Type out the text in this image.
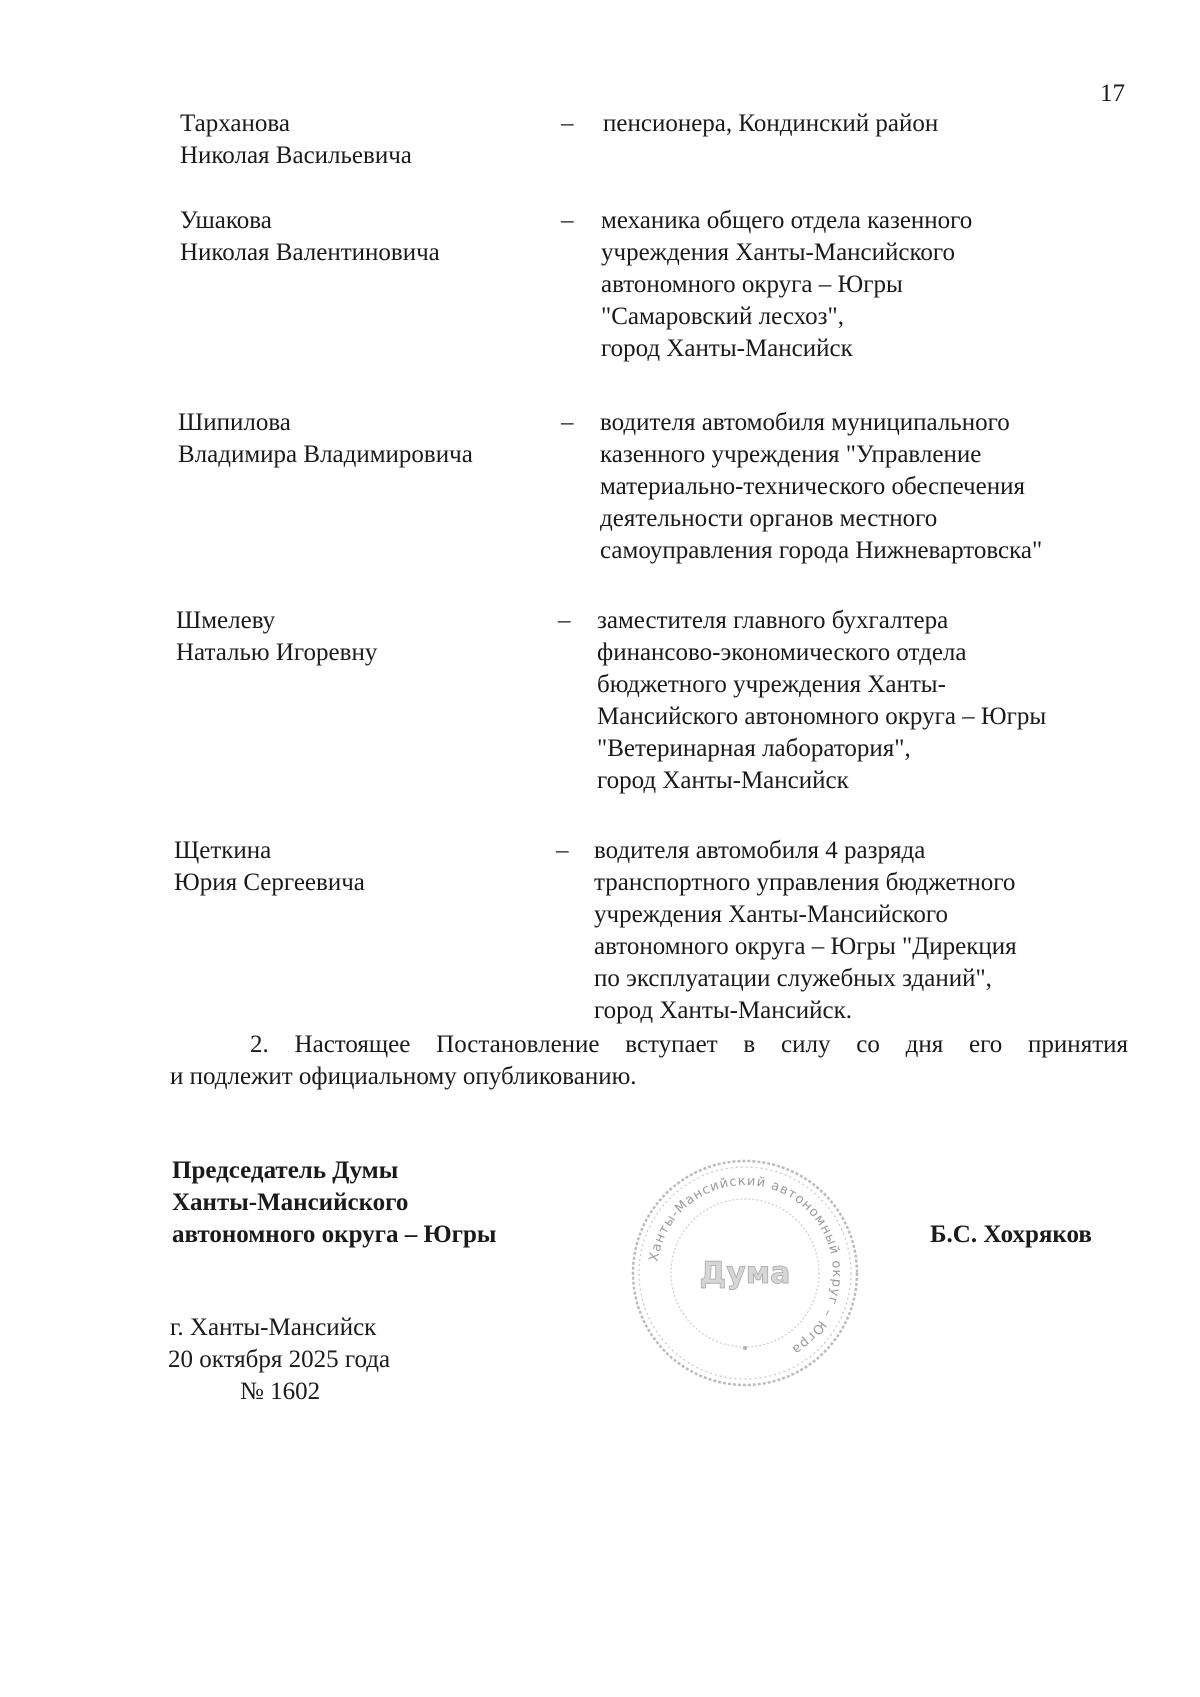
17
Тарханова
Николая Васильевича
– пенсионера, Кондинский район
Ушакова
Николая Валентиновича
– механика общего отдела казенного
учреждения Ханты-Мансийского
автономного округа – Югры
"Самаровский лесхоз",
город Ханты-Мансийск
Шипилова
Владимира Владимировича
– водителя автомобиля муниципального
казенного учреждения "Управление
материально-технического обеспечения
деятельности органов местного
самоуправления города Нижневартовска"
Шмелеву
Наталью Игоревну
– заместителя главного бухгалтера
финансово-экономического отдела
бюджетного учреждения Ханты-
Мансийского автономного округа – Югры
"Ветеринарная лаборатория",
город Ханты-Мансийск
Щеткина
Юрия Сергеевича
– водителя автомобиля 4 разряда
транспортного управления бюджетного
учреждения Ханты-Мансийского
автономного округа – Югры "Дирекция
по эксплуатации служебных зданий",
город Ханты-Мансийск.
2. Настоящее Постановление вступает в силу со дня его принятия
и подлежит официальному опубликованию.
Председатель Думы
Ханты-Мансийского
автономного округа – Югры
Ханты-Мансийский автономный округ – Югра
Дума
Б.С. Хохряков
г. Ханты-Мансийск
20 октября 2025 года
№ 1602
